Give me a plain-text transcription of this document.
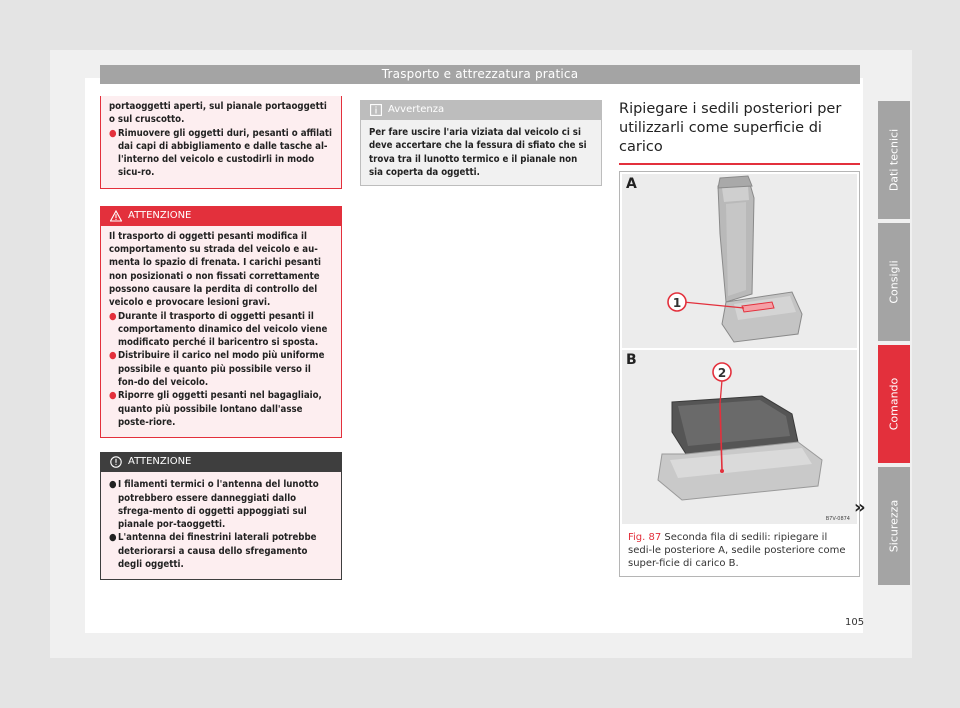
Trasporto e attrezzatura pratica
portaoggetti aperti, sul pianale portaoggetti o sul cruscotto.
● Rimuovere gli oggetti duri, pesanti o affilati dai capi di abbigliamento e dalle tasche al-l'interno del veicolo e custodirli in modo sicu-ro.
ATTENZIONE
Il trasporto di oggetti pesanti modifica il comportamento su strada del veicolo e au-menta lo spazio di frenata. I carichi pesanti non posizionati o non fissati correttamente possono causare la perdita di controllo del veicolo e provocare lesioni gravi.
● Durante il trasporto di oggetti pesanti il comportamento dinamico del veicolo viene modificato perché il baricentro si sposta.
● Distribuire il carico nel modo più uniforme possibile e quanto più possibile verso il fon-do del veicolo.
● Riporre gli oggetti pesanti nel bagagliaio, quanto più possibile lontano dall'asse poste-riore.
ATTENZIONE
● I filamenti termici o l'antenna del lunotto potrebbero essere danneggiati dallo sfrega-mento di oggetti appoggiati sul pianale por-taoggetti.
● L'antenna dei finestrini laterali potrebbe deteriorarsi a causa dello sfregamento degli oggetti.
Avvertenza
Per fare uscire l'aria viziata dal veicolo ci si deve accertare che la fessura di sfiato che si trova tra il lunotto termico e il pianale non sia coperta da oggetti.
Ripiegare i sedili posteriori per utilizzarli come superficie di carico
A
1
B
2
B7V-0874
Fig. 87 Seconda fila di sedili: ripiegare il sedi-le posteriore A, sedile posteriore come super-ficie di carico B.
»
Dati tecnici
Consigli
Comando
Sicurezza
105
